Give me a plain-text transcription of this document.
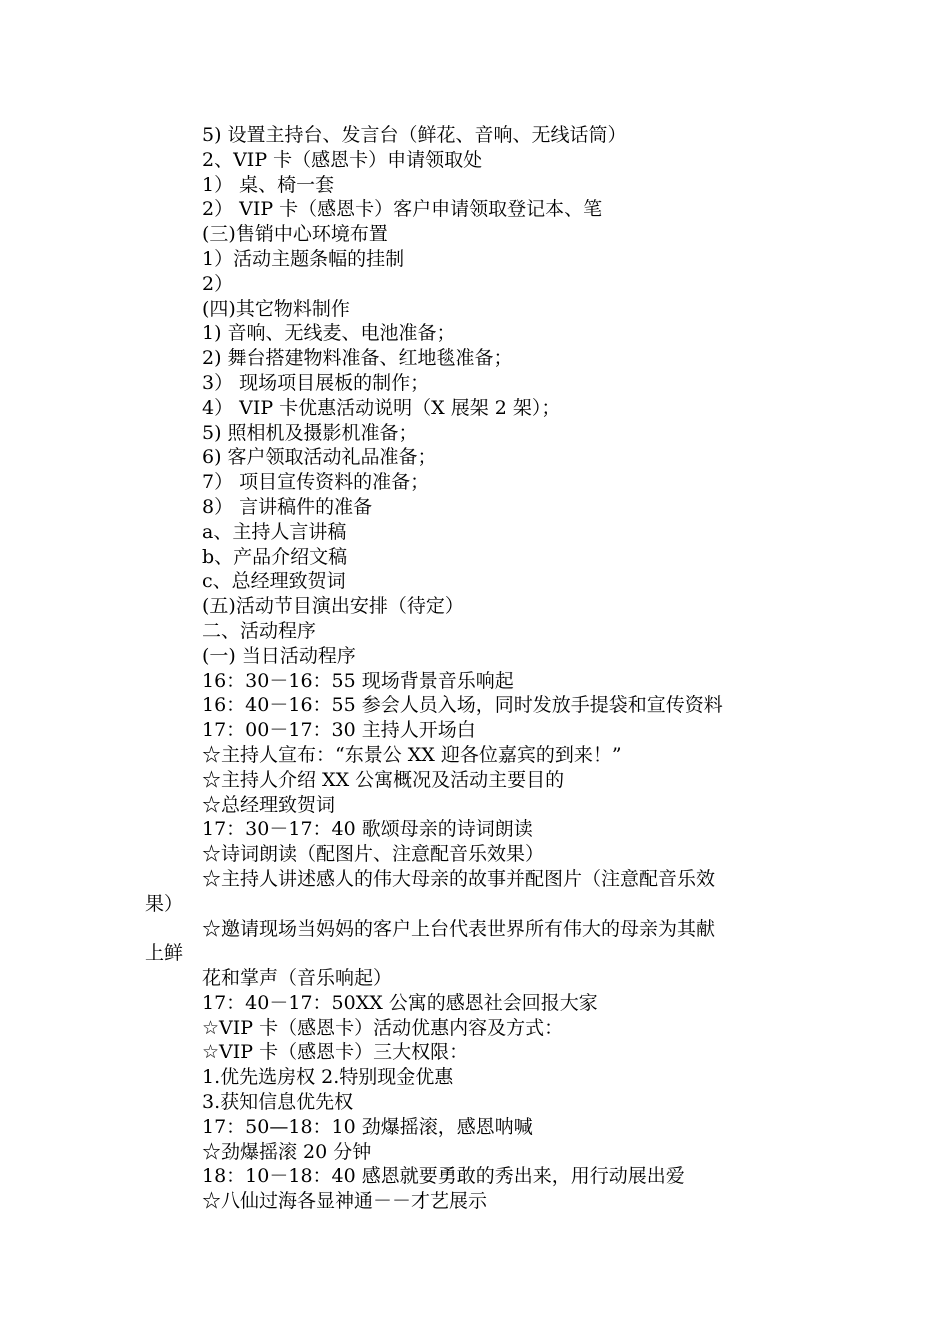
5) 设置主持台、发言台（鲜花、音响、无线话筒）
2、VIP 卡（感恩卡）申请领取处
1） 桌、椅一套
2） VIP 卡（感恩卡）客户申请领取登记本、笔
(三)售销中心环境布置
1）活动主题条幅的挂制
2）
(四)其它物料制作
1) 音响、无线麦、电池准备；
2) 舞台搭建物料准备、红地毯准备；
3） 现场项目展板的制作；
4） VIP 卡优惠活动说明（X 展架 2 架）；
5) 照相机及摄影机准备；
6) 客户领取活动礼品准备；
7） 项目宣传资料的准备；
8） 言讲稿件的准备
a、主持人言讲稿
b、产品介绍文稿
c、总经理致贺词
(五)活动节目演出安排（待定）
二、活动程序
(一) 当日活动程序
16：30－16：55 现场背景音乐响起
16：40－16：55 参会人员入场，同时发放手提袋和宣传资料
17：00－17：30 主持人开场白
☆主持人宣布：“东景公 XX 迎各位嘉宾的到来！”
☆主持人介绍 XX 公寓概况及活动主要目的
☆总经理致贺词
17：30－17：40 歌颂母亲的诗词朗读
☆诗词朗读（配图片、注意配音乐效果）
☆主持人讲述感人的伟大母亲的故事并配图片（注意配音乐效
果）
☆邀请现场当妈妈的客户上台代表世界所有伟大的母亲为其献
上鲜
花和掌声（音乐响起）
17：40－17：50XX 公寓的感恩社会回报大家
☆VIP 卡（感恩卡）活动优惠内容及方式：
☆VIP 卡（感恩卡）三大权限：
1.优先选房权 2.特别现金优惠
3.获知信息优先权
17：50—18：10 劲爆摇滚，感恩呐喊
☆劲爆摇滚 20 分钟
18：10－18：40 感恩就要勇敢的秀出来，用行动展出爱
☆八仙过海各显神通－－才艺展示
